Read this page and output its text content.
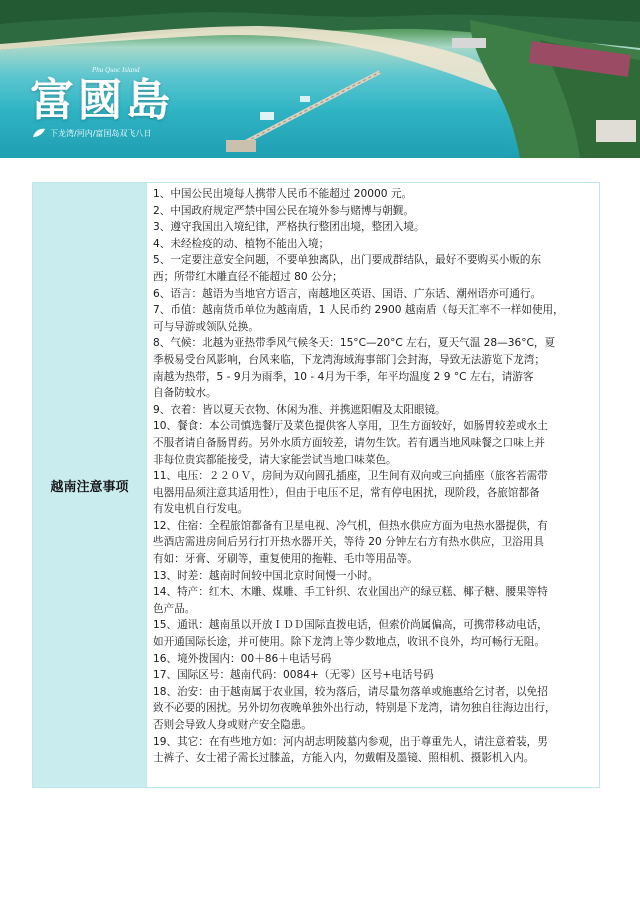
富國島
Phu Quoc Island
下龙湾/河内/富国岛双飞八日
越南注意事项

1、中国公民出境每人携带人民币不能超过 20000 元。

2、中国政府规定严禁中国公民在境外参与赌博与朝觐。

3、遵守我国出入境纪律，严格执行整团出境，整团入境。

4、未经检疫的动、植物不能出入境；

5、一定要注意安全问题，不要单独离队，出门要成群结队，最好不要购买小贩的东

西；所带红木雕直径不能超过 80 公分；

6、语言：越语为当地官方语言，南越地区英语、国语、广东话、潮州语亦可通行。

7、币值：越南货币单位为越南盾，1 人民币约 2900 越南盾（每天汇率不一样如使用，

可与导游或领队兑换。

8、气候：北越为亚热带季风气候冬天：15°C—20°C 左右，夏天气温 28—36°C，夏

季极易受台风影响，台风来临，下龙湾海域海事部门会封海，导致无法游览下龙湾；

南越为热带，5 - 9月为雨季，10 - 4月为干季，年平均温度 2 9 °C 左右，请游客

自备防蚊水。

9、衣着：皆以夏天衣物、休闲为准、并携遮阳帽及太阳眼镜。

10、餐食：本公司慎选餐厅及菜色提供客人享用，卫生方面较好，如肠胃较差或水土

不服者请自备肠胃药。另外水质方面较差，请勿生饮。若有遇当地风味餐之口味上并

非每位贵宾都能接受，请大家能尝试当地口味菜色。

11、电压：２２０Ｖ，房间为双向圆孔插座，卫生间有双向或三向插座（旅客若需带

电器用品须注意其适用性），但由于电压不足，常有停电困扰，现阶段，各旅馆都备

有发电机自行发电。

12、住宿：全程旅馆都备有卫星电视、冷气机，但热水供应方面为电热水器提供，有

些酒店需进房间后另行打开热水器开关，等待 20 分钟左右方有热水供应，卫浴用具

有如：牙膏、牙刷等，重复使用的拖鞋、毛巾等用品等。

13、时差：越南时间较中国北京时间慢一小时。

14、特产：红木、木雕、煤雕、手工针织、农业国出产的绿豆糕、椰子糖、腰果等特

色产品。

15、通讯：越南虽以开放ＩＤＤ国际直拨电话，但索价尚属偏高，可携带移动电话，

如开通国际长途，并可使用。除下龙湾上等少数地点，收讯不良外，均可畅行无阻。

16、境外拨国内：00＋86＋电话号码

17、国际区号：越南代码：0084+（无零）区号+电话号码

18、治安：由于越南属于农业国，较为落后，请尽量勿落单或施惠给乞讨者，以免招

致不必要的困扰。另外切勿夜晚单独外出行动，特别是下龙湾，请勿独自往海边出行，

否则会导致人身或财产安全隐患。

19、其它：在有些地方如：河内胡志明陵墓内参观，出于尊重先人，请注意着装，男

士裤子、女士裙子需长过膝盖，方能入内，勿戴帽及墨镜、照相机、摄影机入内。
